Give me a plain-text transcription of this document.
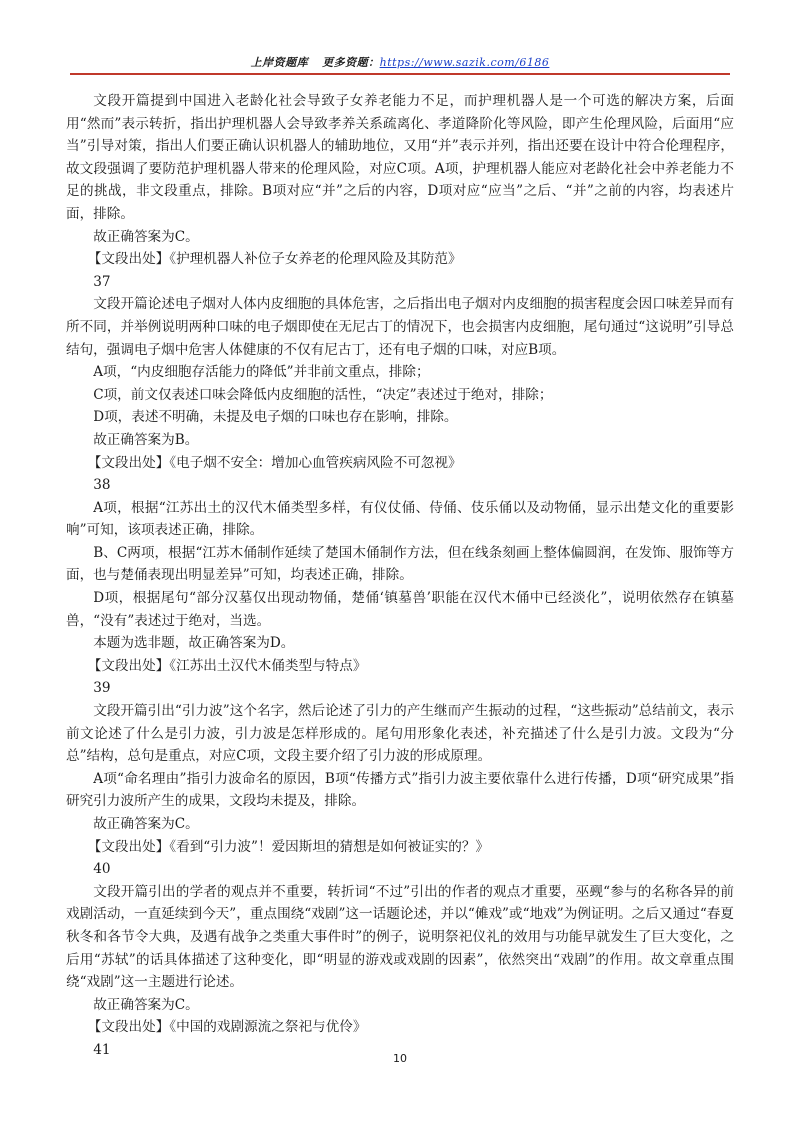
上岸资题库 更多资题：https://www.sazik.com/6186

文段开篇提到中国进入老龄化社会导致子女养老能力不足，而护理机器人是一个可选的解决方案，后面用“然而”表示转折，指出护理机器人会导致孝养关系疏离化、孝道降阶化等风险，即产生伦理风险，后面用“应当”引导对策，指出人们要正确认识机器人的辅助地位，又用“并”表示并列，指出还要在设计中符合伦理程序，故文段强调了要防范护理机器人带来的伦理风险，对应C项。A项，护理机器人能应对老龄化社会中养老能力不足的挑战，非文段重点，排除。B项对应“并”之后的内容，D项对应“应当”之后、“并”之前的内容，均表述片面，排除。

故正确答案为C。

【文段出处】《护理机器人补位子女养老的伦理风险及其防范》

37

文段开篇论述电子烟对人体内皮细胞的具体危害，之后指出电子烟对内皮细胞的损害程度会因口味差异而有所不同，并举例说明两种口味的电子烟即使在无尼古丁的情况下，也会损害内皮细胞，尾句通过“这说明”引导总结句，强调电子烟中危害人体健康的不仅有尼古丁，还有电子烟的口味，对应B项。

A项，“内皮细胞存活能力的降低”并非前文重点，排除；

C项，前文仅表述口味会降低内皮细胞的活性，“决定”表述过于绝对，排除；

D项，表述不明确，未提及电子烟的口味也存在影响，排除。

故正确答案为B。

【文段出处】《电子烟不安全：增加心血管疾病风险不可忽视》

38

A项，根据“江苏出土的汉代木俑类型多样，有仪仗俑、侍俑、伎乐俑以及动物俑，显示出楚文化的重要影响”可知，该项表述正确，排除。

B、C两项，根据“江苏木俑制作延续了楚国木俑制作方法，但在线条刻画上整体偏圆润，在发饰、服饰等方面，也与楚俑表现出明显差异”可知，均表述正确，排除。

D项，根据尾句“部分汉墓仅出现动物俑，楚俑‘镇墓兽’职能在汉代木俑中已经淡化”，说明依然存在镇墓兽，“没有”表述过于绝对，当选。

本题为选非题，故正确答案为D。

【文段出处】《江苏出土汉代木俑类型与特点》

39

文段开篇引出“引力波”这个名字，然后论述了引力的产生继而产生振动的过程，“这些振动”总结前文，表示前文论述了什么是引力波，引力波是怎样形成的。尾句用形象化表述，补充描述了什么是引力波。文段为“分总”结构，总句是重点，对应C项，文段主要介绍了引力波的形成原理。

A项“命名理由”指引力波命名的原因，B项“传播方式”指引力波主要依靠什么进行传播，D项“研究成果”指研究引力波所产生的成果，文段均未提及，排除。

故正确答案为C。

【文段出处】《看到“引力波”！爱因斯坦的猜想是如何被证实的？》

40

文段开篇引出的学者的观点并不重要，转折词“不过”引出的作者的观点才重要，巫觋“参与的名称各异的前戏剧活动，一直延续到今天”，重点围绕“戏剧”这一话题论述，并以“傩戏”或“地戏”为例证明。之后又通过“春夏秋冬和各节令大典，及遇有战争之类重大事件时”的例子，说明祭祀仪礼的效用与功能早就发生了巨大变化，之后用“苏轼”的话具体描述了这种变化，即“明显的游戏或戏剧的因素”，依然突出“戏剧”的作用。故文章重点围绕“戏剧”这一主题进行论述。

故正确答案为C。

【文段出处】《中国的戏剧源流之祭祀与优伶》

41

10
